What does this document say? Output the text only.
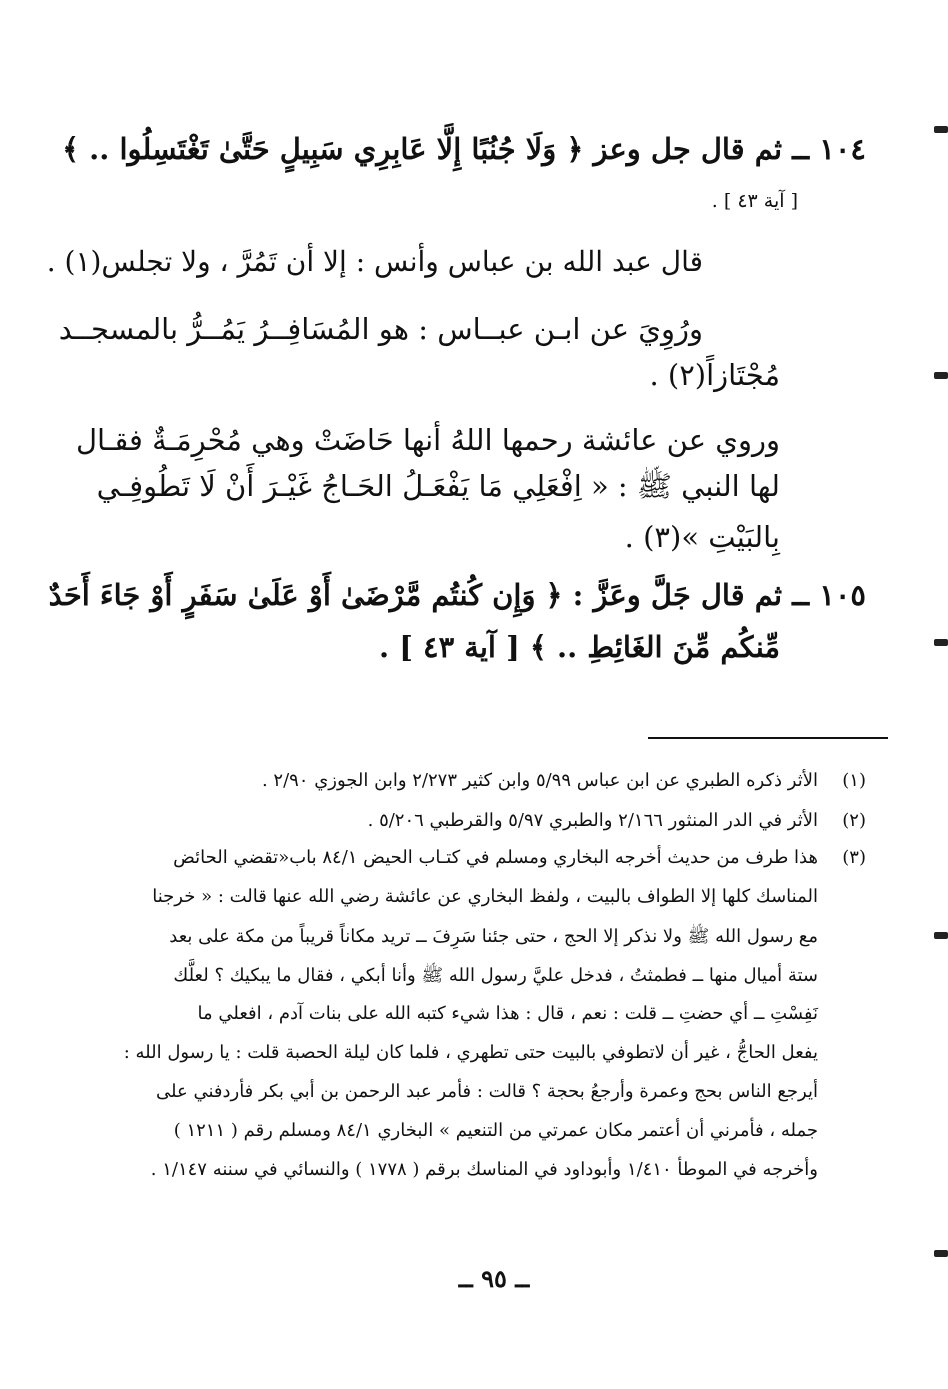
١٠٤ ــ ثم قال جل وعز ﴿ وَلَا جُنُبًا إِلَّا عَابِرِي سَبِيلٍ حَتَّىٰ تَغْتَسِلُوا .. ﴾
[ آية ٤٣ ] .
قال عبد الله بن عباس وأنس : إلا أن تَمُرَّ ، ولا تجلس(١) .
ورُوِيَ عن ابـن عبــاس : هو المُسَافِــرُ يَمُــرُّ بالمسجــد
مُجْتَازاً(٢) .
وروي عن عائشة رحمها اللهُ أنها حَاضَتْ وهي مُحْرِمَـةٌ فقـال
لها النبي ﷺ : « اِفْعَلِي مَا يَفْعَـلُ الحَـاجُ غَيْـرَ أَنْ لَا تَطُوفِـي
بِالبَيْتِ »(٣) .
١٠٥ ــ ثم قال جَلَّ وعَزَّ : ﴿ وَإِن كُنتُم مَّرْضَىٰ أَوْ عَلَىٰ سَفَرٍ أَوْ جَاءَ أَحَدٌ
مِّنكُم مِّنَ الغَائِطِ .. ﴾ [ آية ٤٣ ] .
(١)
الأثر ذكره الطبري عن ابن عباس ٥/٩٩ وابن كثير ٢/٢٧٣ وابن الجوزي ٢/٩٠ .
(٢)
الأثر في الدر المنثور ٢/١٦٦ والطبري ٥/٩٧ والقرطبي ٥/٢٠٦ .
(٣)
هذا طرف من حديث أخرجه البخاري ومسلم في كتـاب الحيض ٨٤/١ باب«تقضي الحائض
المناسك كلها إلا الطواف بالبيت ، ولفظ البخاري عن عائشة رضي الله عنها قالت : « خرجنا
مع رسول الله ﷺ ولا نذكر إلا الحج ، حتى جئنا سَرِفَ ــ تريد مكاناً قريباً من مكة على بعد
ستة أميال منها ــ فطمثتُ ، فدخل عليَّ رسول الله ﷺ وأنا أبكي ، فقال ما يبكيك ؟ لعلَّك
نَفِسْتِ ــ أي حضتِ ــ قلت : نعم ، قال : هذا شيء كتبه الله على بنات آدم ، افعلي ما
يفعل الحاجُّ ، غير أن لاتطوفي بالبيت حتى تطهري ، فلما كان ليلة الحصبة قلت : يا رسول الله :
أيرجع الناس بحج وعمرة وأرجعُ بحجة ؟ قالت : فأمر عبد الرحمن بن أبي بكر فأردفني على
جمله ، فأمرني أن أعتمر مكان عمرتي من التنعيم » البخاري ٨٤/١ ومسلم رقم ( ١٢١١ )
وأخرجه في الموطأ ١/٤١٠ وأبوداود في المناسك برقم ( ١٧٧٨ ) والنسائي في سننه ١/١٤٧ .
ــ ٩٥ ــ
